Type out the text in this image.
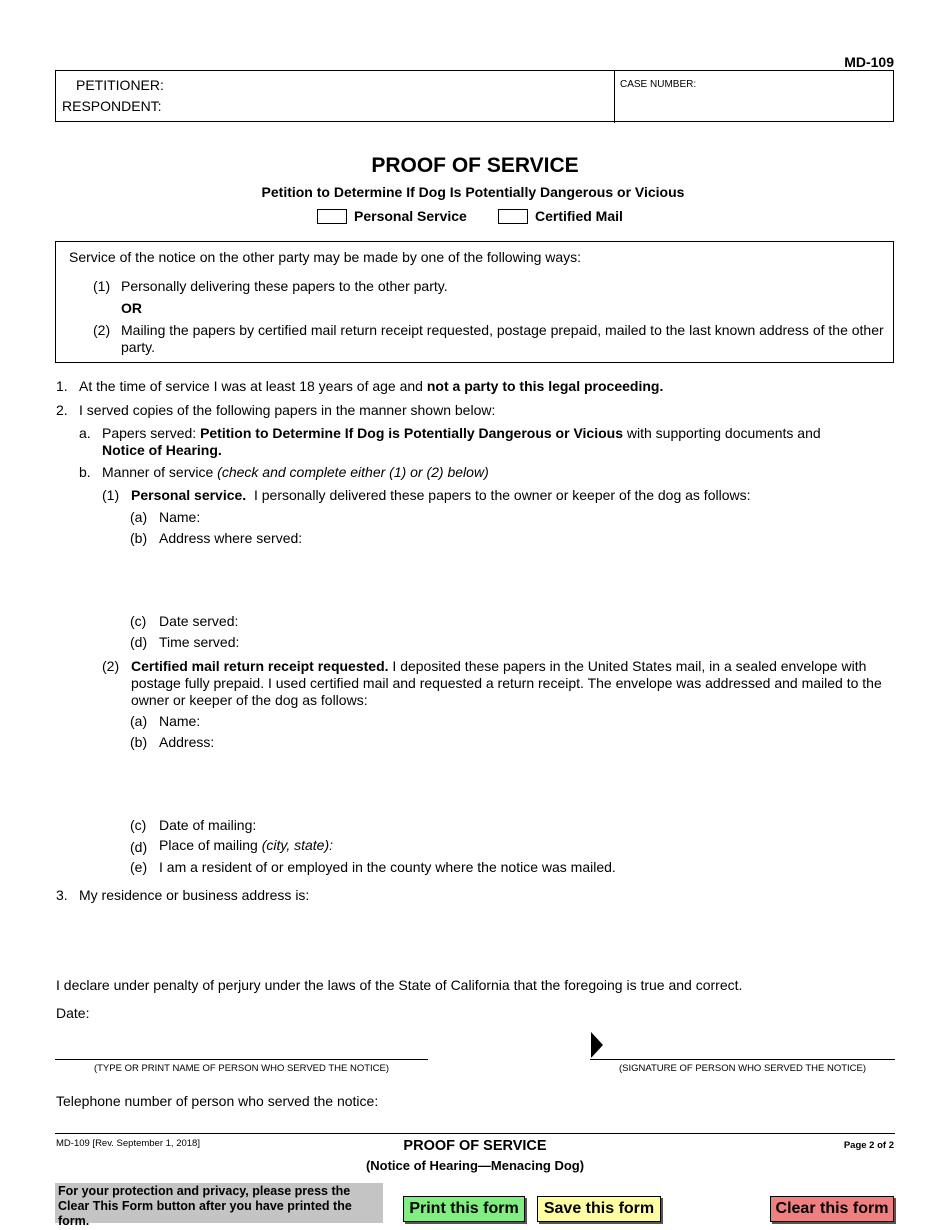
MD-109
PETITIONER:
RESPONDENT:
CASE NUMBER:
PROOF OF SERVICE
Petition to Determine If Dog Is Potentially Dangerous or Vicious
Personal Service	Certified Mail
Service of the notice on the other party may be made by one of the following ways:
(1) Personally delivering these papers to the other party.
OR
(2) Mailing the papers by certified mail return receipt requested, postage prepaid, mailed to the last known address of the other party.
1. At the time of service I was at least 18 years of age and not a party to this legal proceeding.
2. I served copies of the following papers in the manner shown below:
a. Papers served: Petition to Determine If Dog is Potentially Dangerous or Vicious with supporting documents and
Notice of Hearing.
b. Manner of service (check and complete either (1) or (2) below)
(1) Personal service.  I personally delivered these papers to the owner or keeper of the dog as follows:
(a) Name:
(b) Address where served:
(c) Date served:
(d) Time served:
(2) Certified mail return receipt requested. I deposited these papers in the United States mail, in a sealed envelope with postage fully prepaid. I used certified mail and requested a return receipt. The envelope was addressed and mailed to the owner or keeper of the dog as follows:
(a) Name:
(b) Address:
(c) Date of mailing:
(d) Place of mailing (city, state):
(e) I am a resident of or employed in the county where the notice was mailed.
3. My residence or business address is:
I declare under penalty of perjury under the laws of the State of California that the foregoing is true and correct.
Date:
(TYPE OR PRINT NAME OF PERSON WHO SERVED THE NOTICE)	(SIGNATURE OF PERSON WHO SERVED THE NOTICE)
Telephone number of person who served the notice:
MD-109 [Rev. September 1, 2018]	PROOF OF SERVICE
(Notice of Hearing—Menacing Dog)
Page 2 of 2
For your protection and privacy, please press the Clear This Form button after you have printed the form.
Print this form	Save this form	Clear this form
